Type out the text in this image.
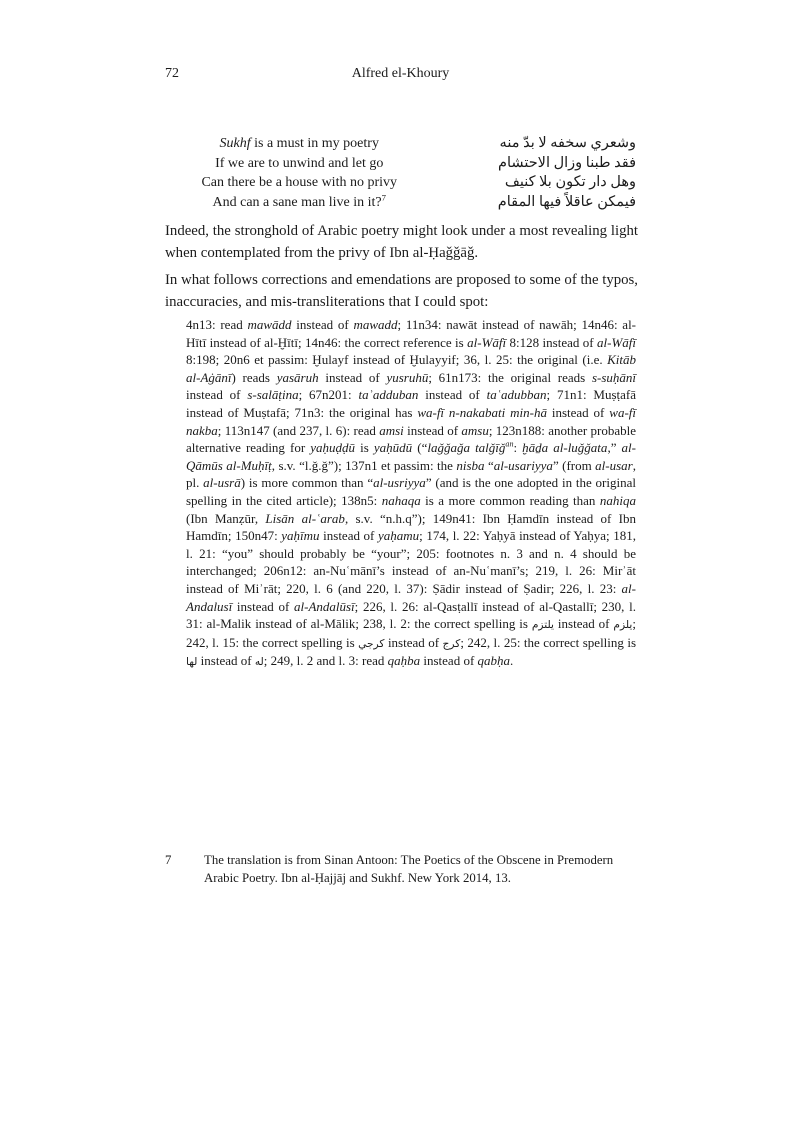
72	Alfred el-Khoury
Sukhf is a must in my poetry
If we are to unwind and let go
Can there be a house with no privy
And can a sane man live in it?$^7$
وشعري سخفه لا بدّ منه
فقد طبنا وزال الاحتشام
وهل دار تكون بلا كنيف
فيمكن عاقلاً فيها المقام

Indeed, the stronghold of Arabic poetry might look under a most revealing light when contemplated from the privy of Ibn al-Ḥaǧǧāǧ.

In what follows corrections and emendations are proposed to some of the typos, inaccuracies, and mis-transliterations that I could spot:

4n13: read mawādd instead of mawadd; 11n34: nawāt instead of nawāh; 14n46: al-Hītī instead of al-Ḫītī; 14n46: the correct reference is al-Wāfī 8:128 instead of al-Wāfī 8:198; 20n6 et passim: Ḫulayf instead of Ḫulayyif; 36, l. 25: the original (i.e. Kitāb al-Aġānī) reads yasāruh instead of yusruhū; 61n173: the original reads s-suḥānī instead of s-salāṭina; 67n201: taʾadduban instead of taʿadubban; 71n1: Muṣṭafā instead of Muṣtafā; 71n3: the original has wa-fī n-nakabati min-hā instead of wa-fī nakba; 113n147 (and 237, l. 6): read amsi instead of amsu; 123n188: another probable alternative reading for yaḥuḍḍū is yaḥūdū (“laǧǧaǧa talǧīǧ$^{an}$: ḫāḏa al-luǧǧata,” al-Qāmūs al-Muḥīṭ, s.v. “l.ǧ.ǧ”); 137n1 et passim: the nisba “al-usariyya” (from al-usar, pl. al-usrā) is more common than “al-usriyya” (and is the one adopted in the original spelling in the cited article); 138n5: nahaqa is a more common reading than nahiqa (Ibn Manẓūr, Lisān al-ʿarab, s.v. “n.h.q”); 149n41: Ibn Ḥamdīn instead of Ibn Hamdīn; 150n47: yaḥīmu instead of yaḥamu; 174, l. 22: Yaḥyā instead of Yaḥya; 181, l. 21: “you” should probably be “your”; 205: footnotes n. 3 and n. 4 should be interchanged; 206n12: an-Nuʿmānī’s instead of an-Nuʿmanī’s; 219, l. 26: Mirʾāt instead of Miʾrāt; 220, l. 6 (and 220, l. 37): Ṣādir instead of Ṣadir; 226, l. 23: al-Andalusī instead of al-Andalūsī; 226, l. 26: al-Qasṭallī instead of al-Qastallī; 230, l. 31: al-Malik instead of al-Mālik; 238, l. 2: the correct spelling is يلتزم instead of يلزم; 242, l. 15: the correct spelling is كرجي instead of كرج; 242, l. 25: the correct spelling is لها instead of له; 249, l. 2 and l. 3: read qaḥba instead of qabḥa.
7	The translation is from Sinan Antoon: The Poetics of the Obscene in Premodern Arabic Poetry. Ibn al-Ḥajjāj and Sukhf. New York 2014, 13.
